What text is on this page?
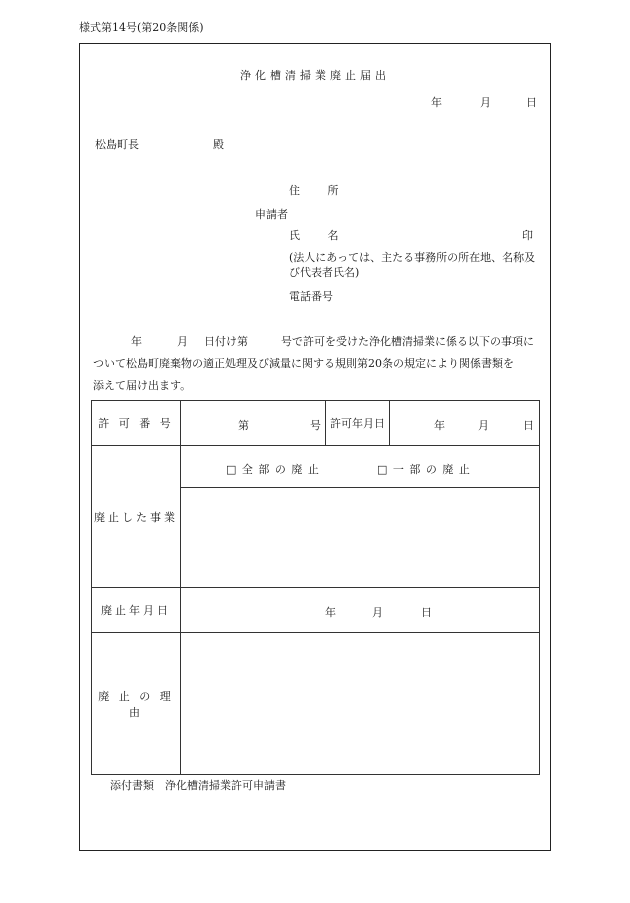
様式第14号(第20条関係)
浄化槽清掃業廃止届出
年	月	日
松島町長	殿
住 所
申請者
氏 名	印
(法人にあっては、主たる事務所の所在地、名称及
び代表者氏名)
電話番号
年	月 日付け第	号で許可を受けた浄化槽清掃業に係る以下の事項に
ついて松島町廃棄物の適正処理及び減量に関する規則第20条の規定により関係書類を
添えて届け出ます。
許 可 番 号	第 号	許可年月日	年 月 日

廃止した事業	□ 全 部 の 廃 止 □ 一 部 の 廃 止		

廃止年月日	年 月 日		

廃 止 の 理 由			
添付書類　浄化槽清掃業許可申請書
